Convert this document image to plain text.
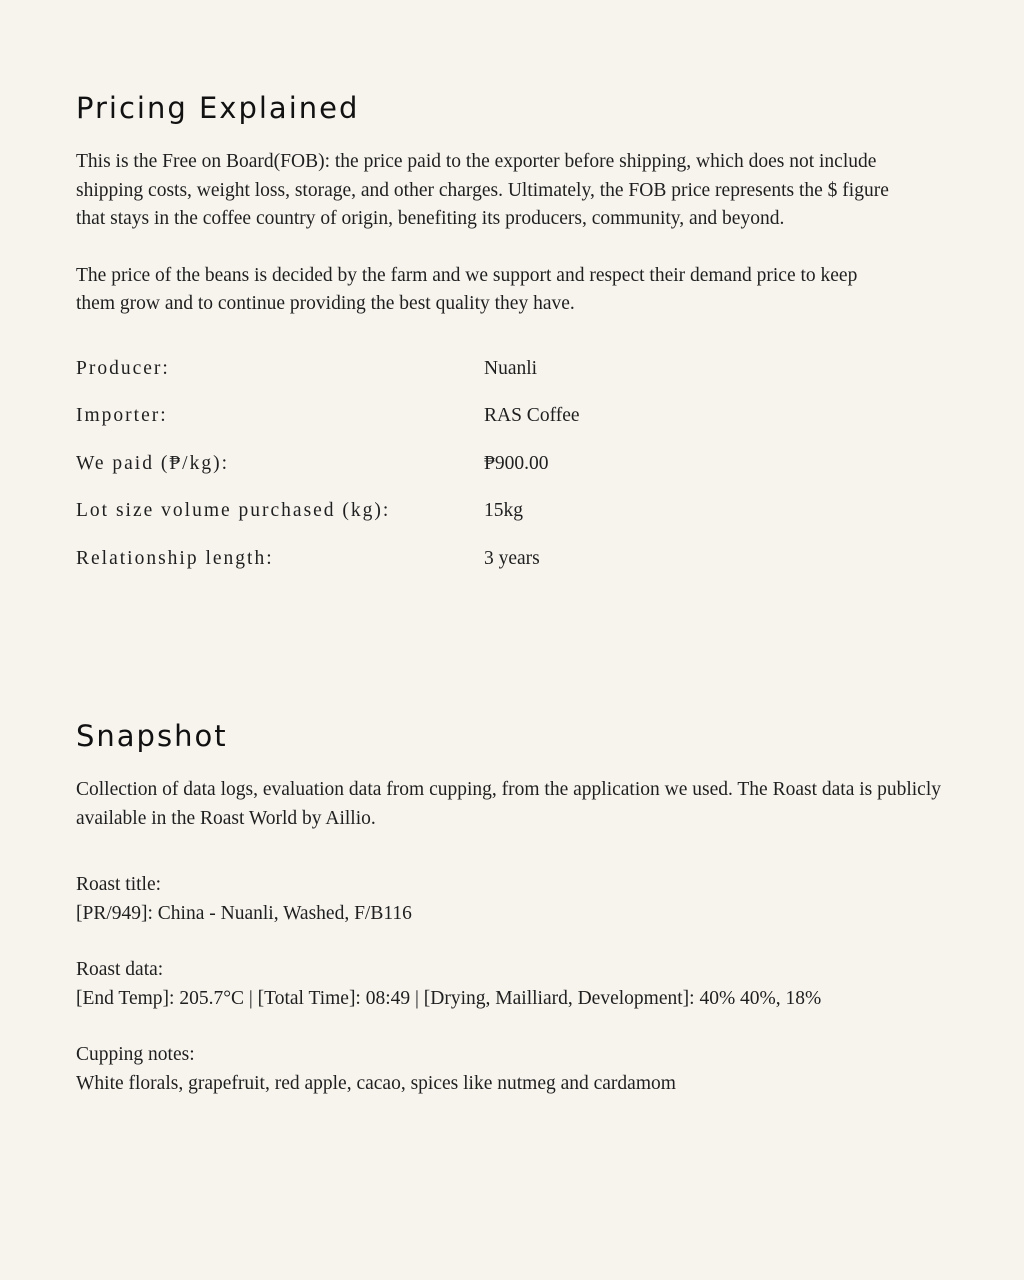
Pricing Explained

This is the Free on Board(FOB): the price paid to the exporter before shipping, which does not include shipping costs, weight loss, storage, and other charges. Ultimately, the FOB price represents the $ figure that stays in the coffee country of origin, benefiting its producers, community, and beyond.

The price of the beans is decided by the farm and we support and respect their demand price to keep them grow and to continue providing the best quality they have.

Producer:	Nuanli
Importer:	RAS Coffee
We paid (₱/kg):	₱900.00
Lot size volume purchased (kg):	15kg
Relationship length:	3 years
Snapshot

Collection of data logs, evaluation data from cupping, from the application we used. The Roast data is publicly available in the Roast World by Aillio.

Roast title:
[PR/949]: China - Nuanli, Washed, F/B116
Roast data:
[End Temp]: 205.7°C | [Total Time]: 08:49 | [Drying, Mailliard, Development]: 40% 40%, 18%
Cupping notes:
White florals, grapefruit, red apple, cacao, spices like nutmeg and cardamom
